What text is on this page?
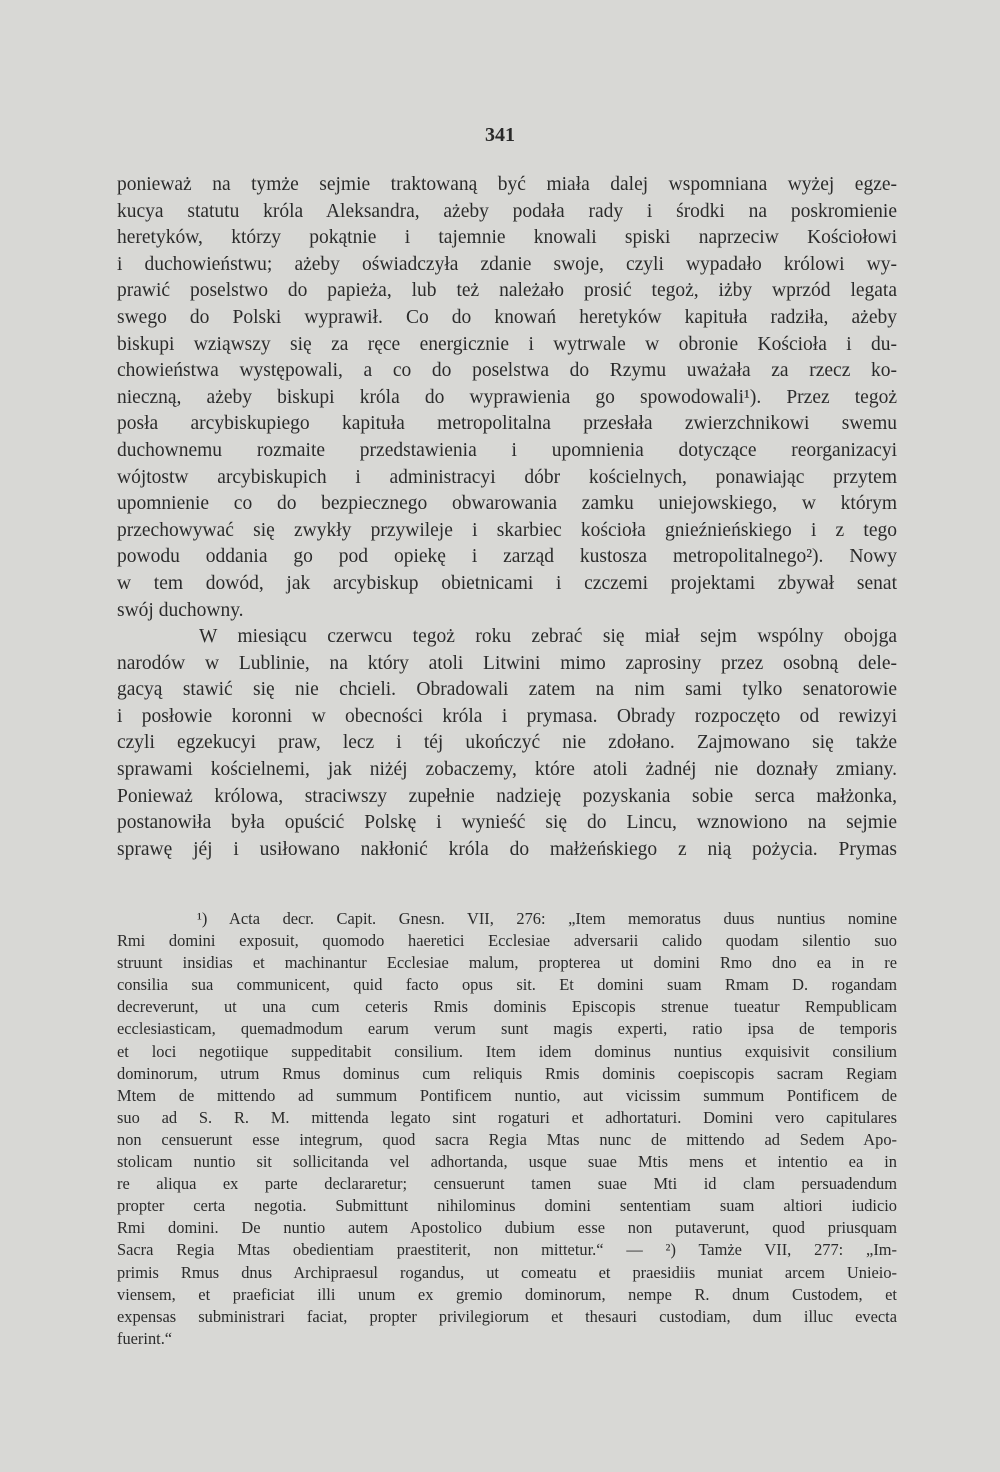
341
ponieważ na tymże sejmie traktowaną być miała dalej wspomniana wyżej egze-
kucya statutu króla Aleksandra, ażeby podała rady i środki na poskromienie
heretyków, którzy pokątnie i tajemnie knowali spiski naprzeciw Kościołowi
i duchowieństwu; ażeby oświadczyła zdanie swoje, czyli wypadało królowi wy-
prawić poselstwo do papieża, lub też należało prosić tegoż, iżby wprzód legata
swego do Polski wyprawił. Co do knowań heretyków kapituła radziła, ażeby
biskupi wziąwszy się za ręce energicznie i wytrwale w obronie Kościoła i du-
chowieństwa występowali, a co do poselstwa do Rzymu uważała za rzecz ko-
nieczną, ażeby biskupi króla do wyprawienia go spowodowali¹). Przez tegoż
posła arcybiskupiego kapituła metropolitalna przesłała zwierzchnikowi swemu
duchownemu rozmaite przedstawienia i upomnienia dotyczące reorganizacyi
wójtostw arcybiskupich i administracyi dóbr kościelnych, ponawiając przytem
upomnienie co do bezpiecznego obwarowania zamku uniejowskiego, w którym
przechowywać się zwykły przywileje i skarbiec kościoła gnieźnieńskiego i z tego
powodu oddania go pod opiekę i zarząd kustosza metropolitalnego²). Nowy
w tem dowód, jak arcybiskup obietnicami i czczemi projektami zbywał senat
swój duchowny.
W miesiącu czerwcu tegoż roku zebrać się miał sejm wspólny obojga
narodów w Lublinie, na który atoli Litwini mimo zaprosiny przez osobną dele-
gacyą stawić się nie chcieli. Obradowali zatem na nim sami tylko senatorowie
i posłowie koronni w obecności króla i prymasa. Obrady rozpoczęto od rewizyi
czyli egzekucyi praw, lecz i téj ukończyć nie zdołano. Zajmowano się także
sprawami kościelnemi, jak niżéj zobaczemy, które atoli żadnéj nie doznały zmiany.
Ponieważ królowa, straciwszy zupełnie nadzieję pozyskania sobie serca małżonka,
postanowiła była opuścić Polskę i wynieść się do Lincu, wznowiono na sejmie
sprawę jéj i usiłowano nakłonić króla do małżeńskiego z nią pożycia. Prymas
¹) Acta decr. Capit. Gnesn. VII, 276: „Item memoratus duus nuntius nomine
Rmi domini exposuit, quomodo haeretici Ecclesiae adversarii calido quodam silentio suo
struunt insidias et machinantur Ecclesiae malum, propterea ut domini Rmo dno ea in re
consilia sua communicent, quid facto opus sit. Et domini suam Rmam D. rogandam
decreverunt, ut una cum ceteris Rmis dominis Episcopis strenue tueatur Rempublicam
ecclesiasticam, quemadmodum earum verum sunt magis experti, ratio ipsa de temporis
et loci negotiique suppeditabit consilium. Item idem dominus nuntius exquisivit consilium
dominorum, utrum Rmus dominus cum reliquis Rmis dominis coepiscopis sacram Regiam
Mtem de mittendo ad summum Pontificem nuntio, aut vicissim summum Pontificem de
suo ad S. R. M. mittenda legato sint rogaturi et adhortaturi. Domini vero capitulares
non censuerunt esse integrum, quod sacra Regia Mtas nunc de mittendo ad Sedem Apo-
stolicam nuntio sit sollicitanda vel adhortanda, usque suae Mtis mens et intentio ea in
re aliqua ex parte declararetur; censuerunt tamen suae Mti id clam persuadendum
propter certa negotia. Submittunt nihilominus domini sententiam suam altiori iudicio
Rmi domini. De nuntio autem Apostolico dubium esse non putaverunt, quod priusquam
Sacra Regia Mtas obedientiam praestiterit, non mittetur.“ — ²) Tamże VII, 277: „Im-
primis Rmus dnus Archipraesul rogandus, ut comeatu et praesidiis muniat arcem Unieio-
viensem, et praeficiat illi unum ex gremio dominorum, nempe R. dnum Custodem, et
expensas subministrari faciat, propter privilegiorum et thesauri custodiam, dum illuc evecta
fuerint.“
